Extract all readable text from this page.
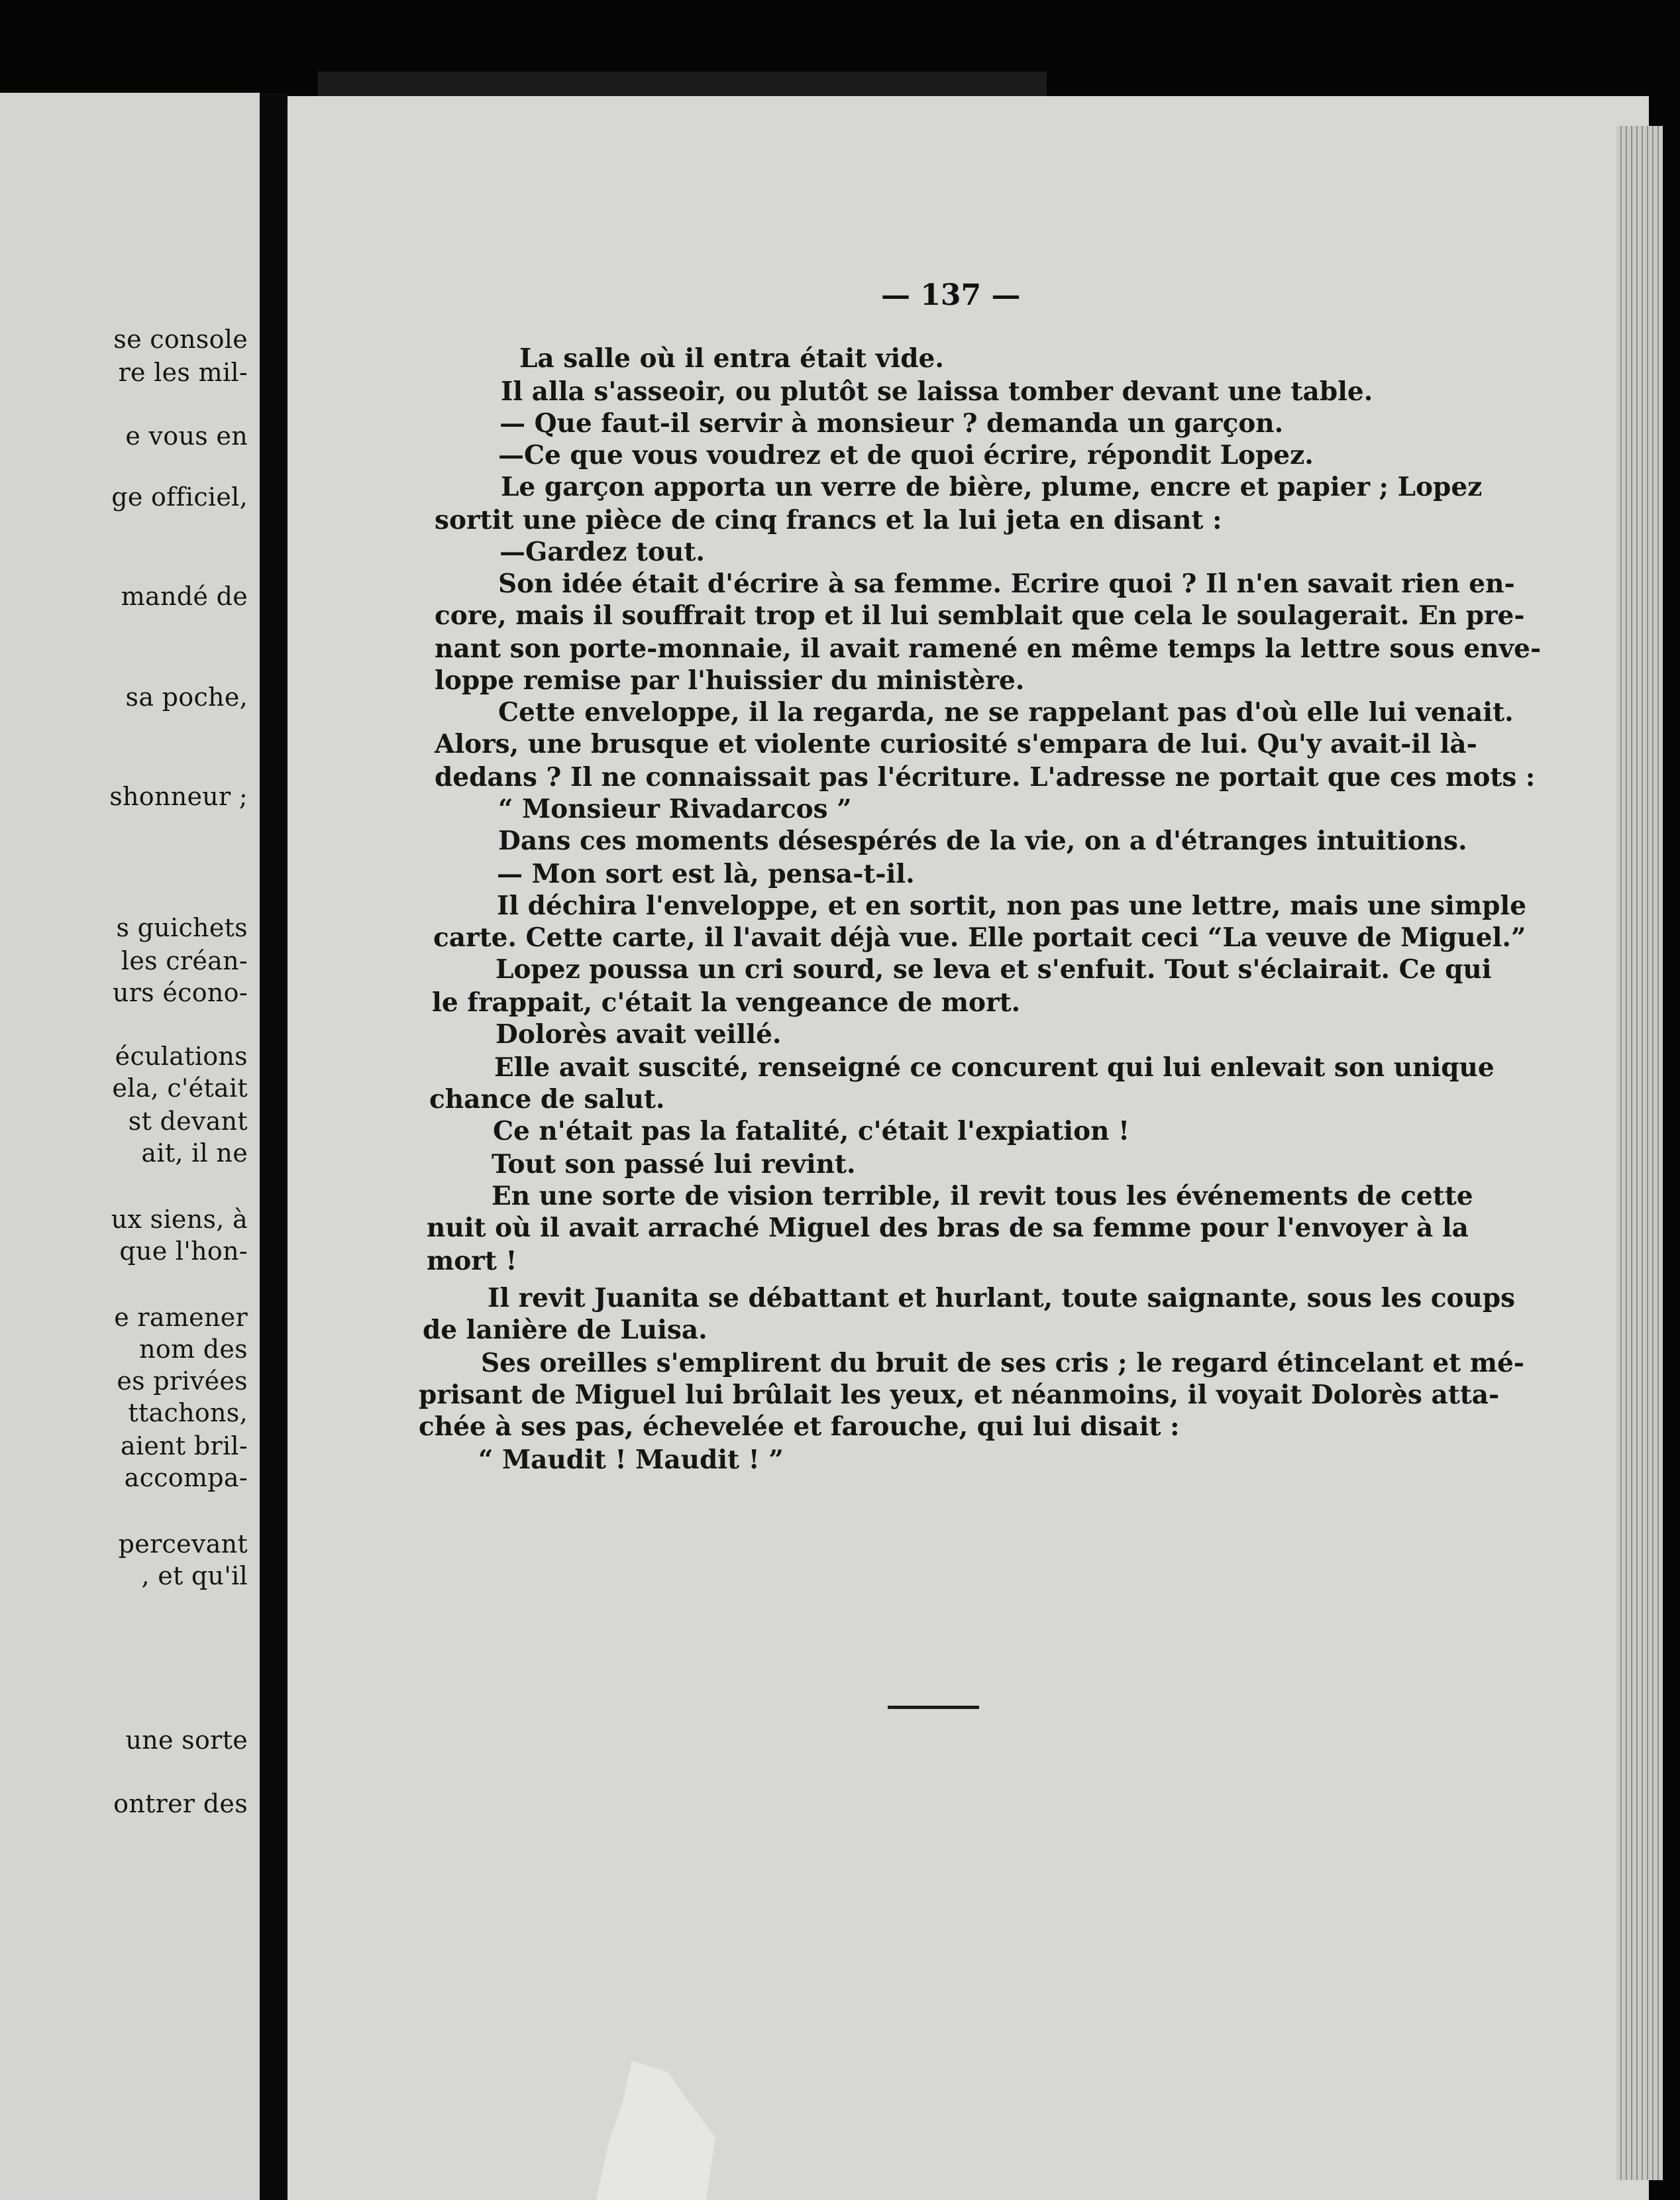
se console
re les mil-
e vous en
ge officiel,
mandé de
sa poche,
shonneur ;
s guichets
les créan-
urs écono-
éculations
ela, c'était
st devant
ait, il ne
ux siens, à
que l'hon-
e ramener
nom des
es privées
ttachons,
aient bril-
accompa-
percevant
, et qu'il
une sorte
ontrer des
— 137 —
La salle où il entra était vide.
Il alla s'asseoir, ou plutôt se laissa tomber devant une table.
— Que faut-il servir à monsieur ? demanda un garçon.
—Ce que vous voudrez et de quoi écrire, répondit Lopez.
Le garçon apporta un verre de bière, plume, encre et papier ; Lopez
sortit une pièce de cinq francs et la lui jeta en disant :
—Gardez tout.
Son idée était d'écrire à sa femme. Ecrire quoi ? Il n'en savait rien en-
core, mais il souffrait trop et il lui semblait que cela le soulagerait. En pre-
nant son porte-monnaie, il avait ramené en même temps la lettre sous enve-
loppe remise par l'huissier du ministère.
Cette enveloppe, il la regarda, ne se rappelant pas d'où elle lui venait.
Alors, une brusque et violente curiosité s'empara de lui. Qu'y avait-il là-
dedans ? Il ne connaissait pas l'écriture. L'adresse ne portait que ces mots :
“ Monsieur Rivadarcos ”
Dans ces moments désespérés de la vie, on a d'étranges intuitions.
— Mon sort est là, pensa-t-il.
Il déchira l'enveloppe, et en sortit, non pas une lettre, mais une simple
carte. Cette carte, il l'avait déjà vue. Elle portait ceci “La veuve de Miguel.”
Lopez poussa un cri sourd, se leva et s'enfuit. Tout s'éclairait. Ce qui
le frappait, c'était la vengeance de mort.
Dolorès avait veillé.
Elle avait suscité, renseigné ce concurent qui lui enlevait son unique
chance de salut.
Ce n'était pas la fatalité, c'était l'expiation !
Tout son passé lui revint.
En une sorte de vision terrible, il revit tous les événements de cette
nuit où il avait arraché Miguel des bras de sa femme pour l'envoyer à la
mort !
Il revit Juanita se débattant et hurlant, toute saignante, sous les coups
de lanière de Luisa.
Ses oreilles s'emplirent du bruit de ses cris ; le regard étincelant et mé-
prisant de Miguel lui brûlait les yeux, et néanmoins, il voyait Dolorès atta-
chée à ses pas, échevelée et farouche, qui lui disait :
“ Maudit ! Maudit ! ”
